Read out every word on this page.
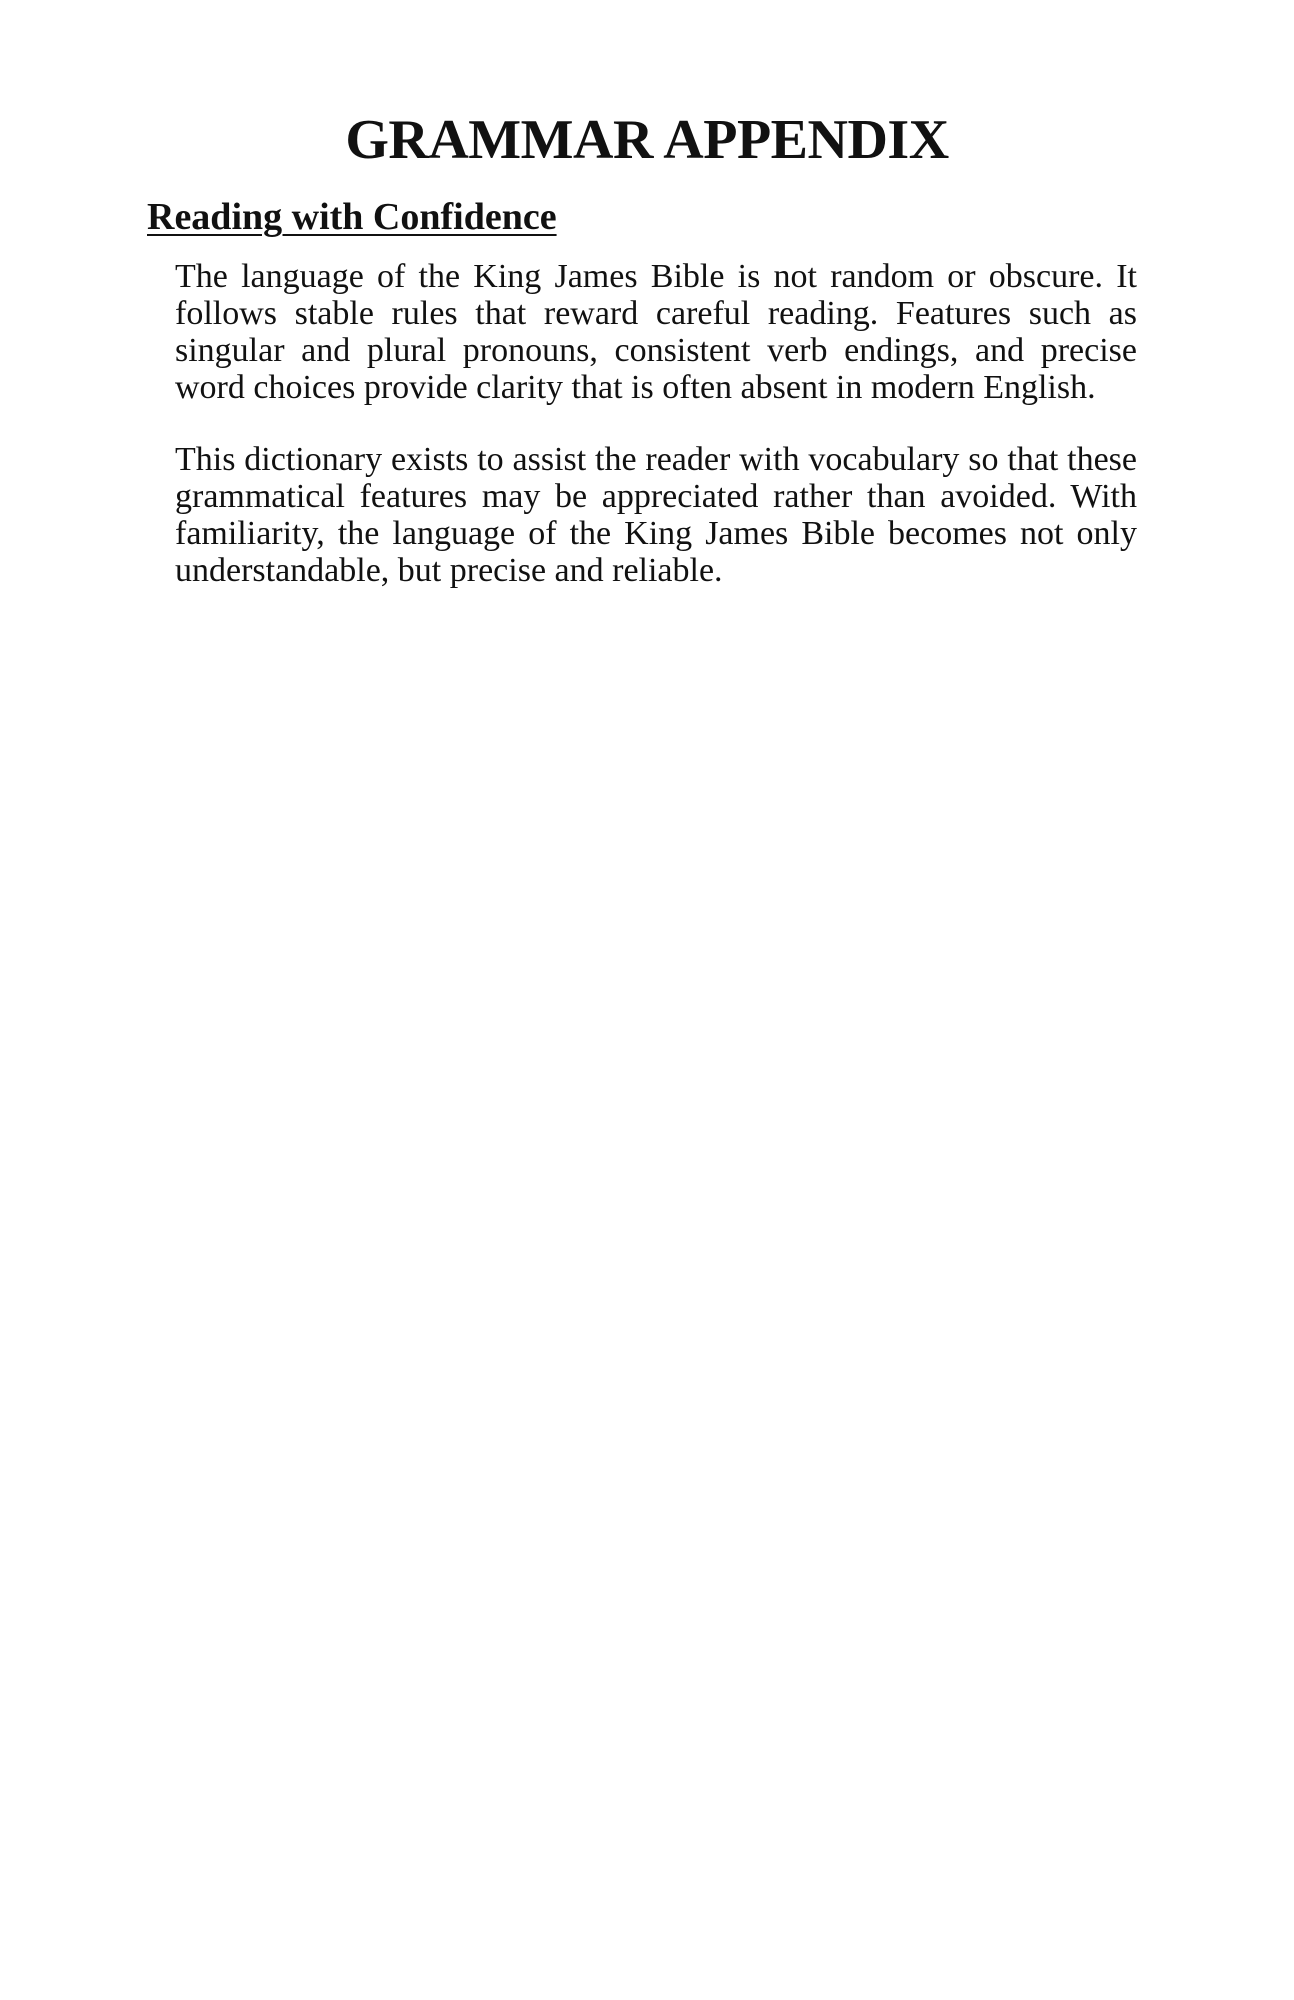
GRAMMAR APPENDIX
Reading with Confidence

The language of the King James Bible is not random or obscure. It follows stable rules that reward careful reading. Features such as singular and plural pronouns, consistent verb endings, and precise word choices provide clarity that is often absent in modern English.

This dictionary exists to assist the reader with vocabulary so that these grammatical features may be appreciated rather than avoided. With familiarity, the language of the King James Bible becomes not only understandable, but precise and reliable.
